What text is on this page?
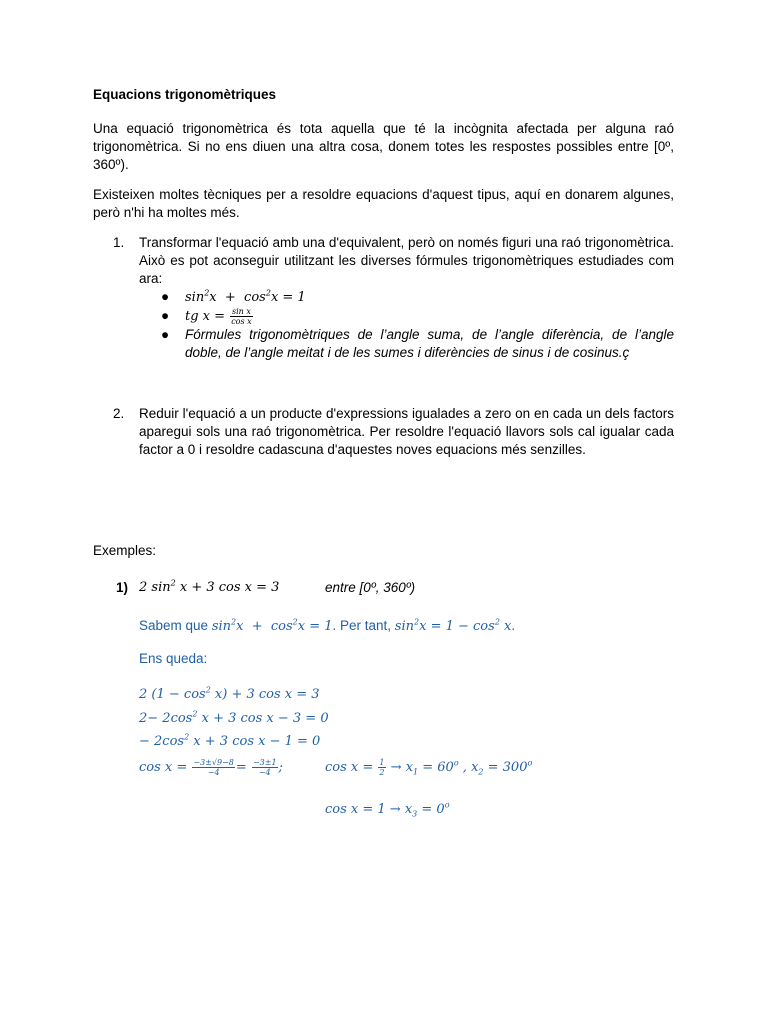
Equacions trigonomètriques

Una equació trigonomètrica és tota aquella que té la incògnita afectada per alguna raó trigonomètrica. Si no ens diuen una altra cosa, donem totes les respostes possibles entre [0º, 360º).

Existeixen moltes tècniques per a resoldre equacions d'aquest tipus, aquí en donarem algunes, però n'hi ha moltes més.

1. Transformar l'equació amb una d'equivalent, però on només figuri una raó trigonomètrica. Això es pot aconseguir utilitzant les diverses fórmules trigonomètriques estudiades com ara:
● $\sin^2x + \cos^2x = 1$
● tg $x = \frac{\text{sin x}}{\text{cos x}}$
● Fórmules trigonomètriques de l’angle suma, de l’angle diferència, de l’angle doble, de l’angle meitat i de les sumes i diferències de sinus i de cosinus.ç
2. Reduir l'equació a un producte d'expressions igualades a zero on en cada un dels factors aparegui sols una raó trigonomètrica. Per resoldre l'equació llavors sols cal igualar cada factor a 0 i resoldre cadascuna d'aquestes noves equacions més senzilles.
Exemples:
1) 2 $\sin^2 x + 3$ cos x = 3	entre [0º, 360º)
Sabem que $\sin^2x + \cos^2x = 1$. Per tant, $\sin^2x = 1 - \cos^2 x$.
Ens queda:
2 $(1 - \cos^2 x) + 3$ cos x = 3
$2- 2\cos^2$ x + 3 cos x − 3 = 0
− $2\cos^2$ x + 3 cos x − 1 = 0
$\cos x = \frac{-3\pm√9-8}{-4} = \frac{-3\pm 1}{-4}$ ;	$\cos x = \frac{1}{2} \to x_1 = 60^o$ , $x_2 = 300^o$
$\cos x = 1 \to x_3 = 0^o$
